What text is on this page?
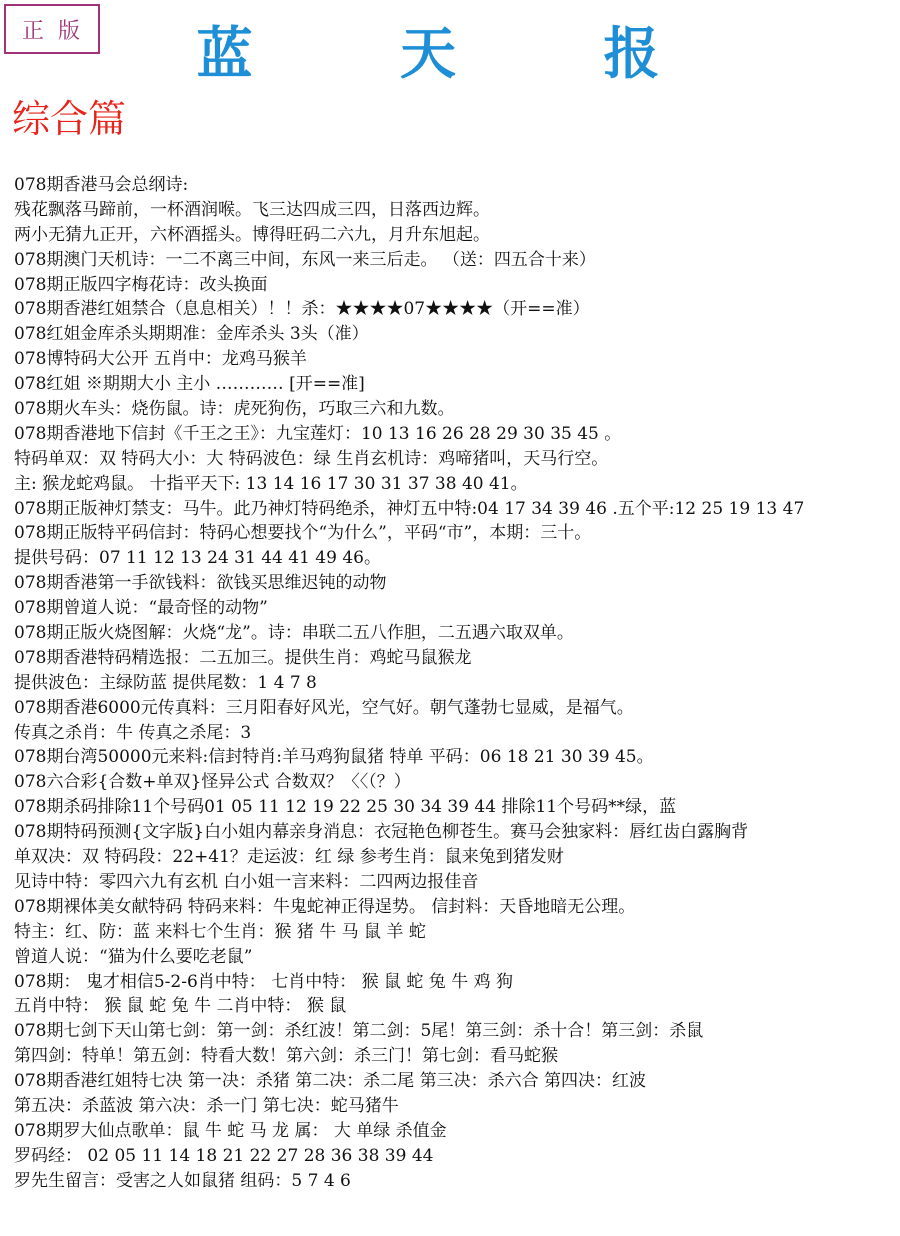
正版	蓝 天 报
综合篇
078期香港马会总纲诗:
残花飘落马蹄前，一杯酒润喉。飞三达四成三四，日落西边辉。
两小无猜九正开，六杯酒摇头。博得旺码二六九，月升东旭起。
078期澳门天机诗：一二不离三中间，东风一来三后走。 （送：四五合十来）
078期正版四字梅花诗：改头换面
078期香港红姐禁合（息息相关）！！杀：★★★★07★★★★（开==准）
078红姐金库杀头期期准：金库杀头 3头（准）
078博特码大公开 五肖中：龙鸡马猴羊
078红姐 ※期期大小 主小 ………… [开==准]
078期火车头：烧伤鼠。诗：虎死狗伤，巧取三六和九数。
078期香港地下信封《千王之王》：九宝莲灯：10 13 16 26 28 29 30 35 45 。
特码单双：双 特码大小：大 特码波色：绿 生肖玄机诗：鸡啼猪叫，天马行空。
主: 猴龙蛇鸡鼠。 十指平天下: 13 14 16 17 30 31 37 38 40 41。
078期正版神灯禁支：马牛。此乃神灯特码绝杀，神灯五中特:04 17 34 39 46 .五个平:12 25 19 13 47
078期正版特平码信封：特码心想要找个“为什么”，平码“市”，本期：三十。
提供号码：07 11 12 13 24 31 44 41 49 46。
078期香港第一手欲钱料：欲钱买思维迟钝的动物
078期曾道人说：“最奇怪的动物”
078期正版火烧图解：火烧“龙”。诗：串联二五八作胆，二五遇六取双单。
078期香港特码精选报：二五加三。提供生肖：鸡蛇马鼠猴龙
提供波色：主绿防蓝 提供尾数：1 4 7 8
078期香港6000元传真料：三月阳春好风光，空气好。朝气蓬勃七显威，是福气。
传真之杀肖：牛 传真之杀尾：3
078期台湾50000元来料:信封特肖:羊马鸡狗鼠猪 特单 平码：06 18 21 30 39 45。
078六合彩{合数+单双}怪异公式 合数双？〈〈（？）
078期杀码排除11个号码01 05 11 12 19 22 25 30 34 39 44 排除11个号码**绿，蓝
078期特码预测{文字版}白小姐内幕亲身消息：衣冠艳色柳苍生。赛马会独家料：唇红齿白露胸背
单双决：双 特码段：22+41？走运波：红 绿 参考生肖：鼠来兔到猪发财
见诗中特：零四六九有玄机 白小姐一言来料：二四两边报佳音
078期裸体美女献特码 特码来料：牛鬼蛇神正得逞势。 信封料：天昏地暗无公理。
特主：红、防：蓝 来料七个生肖：猴 猪 牛 马 鼠 羊 蛇
曾道人说：“猫为什么要吃老鼠”
078期： 鬼才相信5-2-6肖中特： 七肖中特： 猴 鼠 蛇 兔 牛 鸡 狗
五肖中特： 猴 鼠 蛇 兔 牛 二肖中特： 猴 鼠
078期七剑下天山第七剑：第一剑：杀红波！第二剑：5尾！第三剑：杀十合！第三剑：杀鼠
第四剑：特单！第五剑：特看大数！第六剑：杀三门！第七剑：看马蛇猴
078期香港红姐特七决 第一决：杀猪 第二决：杀二尾 第三决：杀六合 第四决：红波
第五决：杀蓝波 第六决：杀一门 第七决：蛇马猪牛
078期罗大仙点歌单：鼠 牛 蛇 马 龙 属： 大 单绿 杀值金
罗码经： 02 05 11 14 18 21 22 27 28 36 38 39 44
罗先生留言：受害之人如鼠猪 组码：5 7 4 6
